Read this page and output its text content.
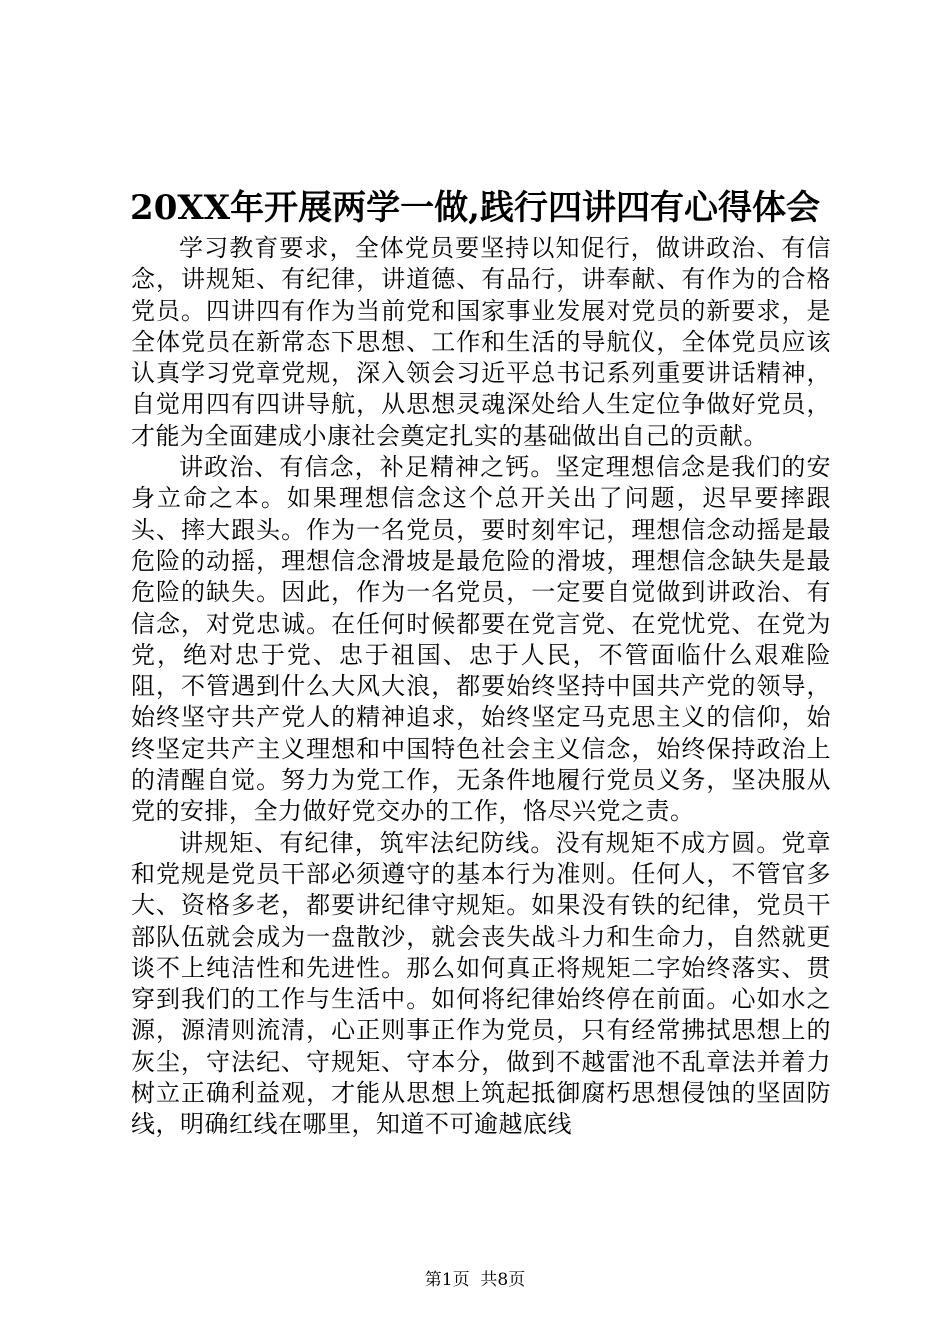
20XX年开展两学一做,践行四讲四有心得体会

学习教育要求，全体党员要坚持以知促行，做讲政治、有信念，讲规矩、有纪律，讲道德、有品行，讲奉献、有作为的合格党员。四讲四有作为当前党和国家事业发展对党员的新要求，是全体党员在新常态下思想、工作和生活的导航仪，全体党员应该认真学习党章党规，深入领会习近平总书记系列重要讲话精神，自觉用四有四讲导航，从思想灵魂深处给人生定位争做好党员，才能为全面建成小康社会奠定扎实的基础做出自己的贡献。

讲政治、有信念，补足精神之钙。坚定理想信念是我们的安身立命之本。如果理想信念这个总开关出了问题，迟早要摔跟头、摔大跟头。作为一名党员，要时刻牢记，理想信念动摇是最危险的动摇，理想信念滑坡是最危险的滑坡，理想信念缺失是最危险的缺失。因此，作为一名党员，一定要自觉做到讲政治、有信念，对党忠诚。在任何时候都要在党言党、在党忧党、在党为党，绝对忠于党、忠于祖国、忠于人民，不管面临什么艰难险阻，不管遇到什么大风大浪，都要始终坚持中国共产党的领导，始终坚守共产党人的精神追求，始终坚定马克思主义的信仰，始终坚定共产主义理想和中国特色社会主义信念，始终保持政治上的清醒自觉。努力为党工作，无条件地履行党员义务，坚决服从党的安排，全力做好党交办的工作，恪尽兴党之责。

讲规矩、有纪律，筑牢法纪防线。没有规矩不成方圆。党章和党规是党员干部必须遵守的基本行为准则。任何人，不管官多大、资格多老，都要讲纪律守规矩。如果没有铁的纪律，党员干部队伍就会成为一盘散沙，就会丧失战斗力和生命力，自然就更谈不上纯洁性和先进性。那么如何真正将规矩二字始终落实、贯穿到我们的工作与生活中。如何将纪律始终停在前面。心如水之源，源清则流清，心正则事正作为党员，只有经常拂拭思想上的灰尘，守法纪、守规矩、守本分，做到不越雷池不乱章法并着力树立正确利益观，才能从思想上筑起抵御腐朽思想侵蚀的坚固防线，明确红线在哪里，知道不可逾越底线

第1页  共8页
